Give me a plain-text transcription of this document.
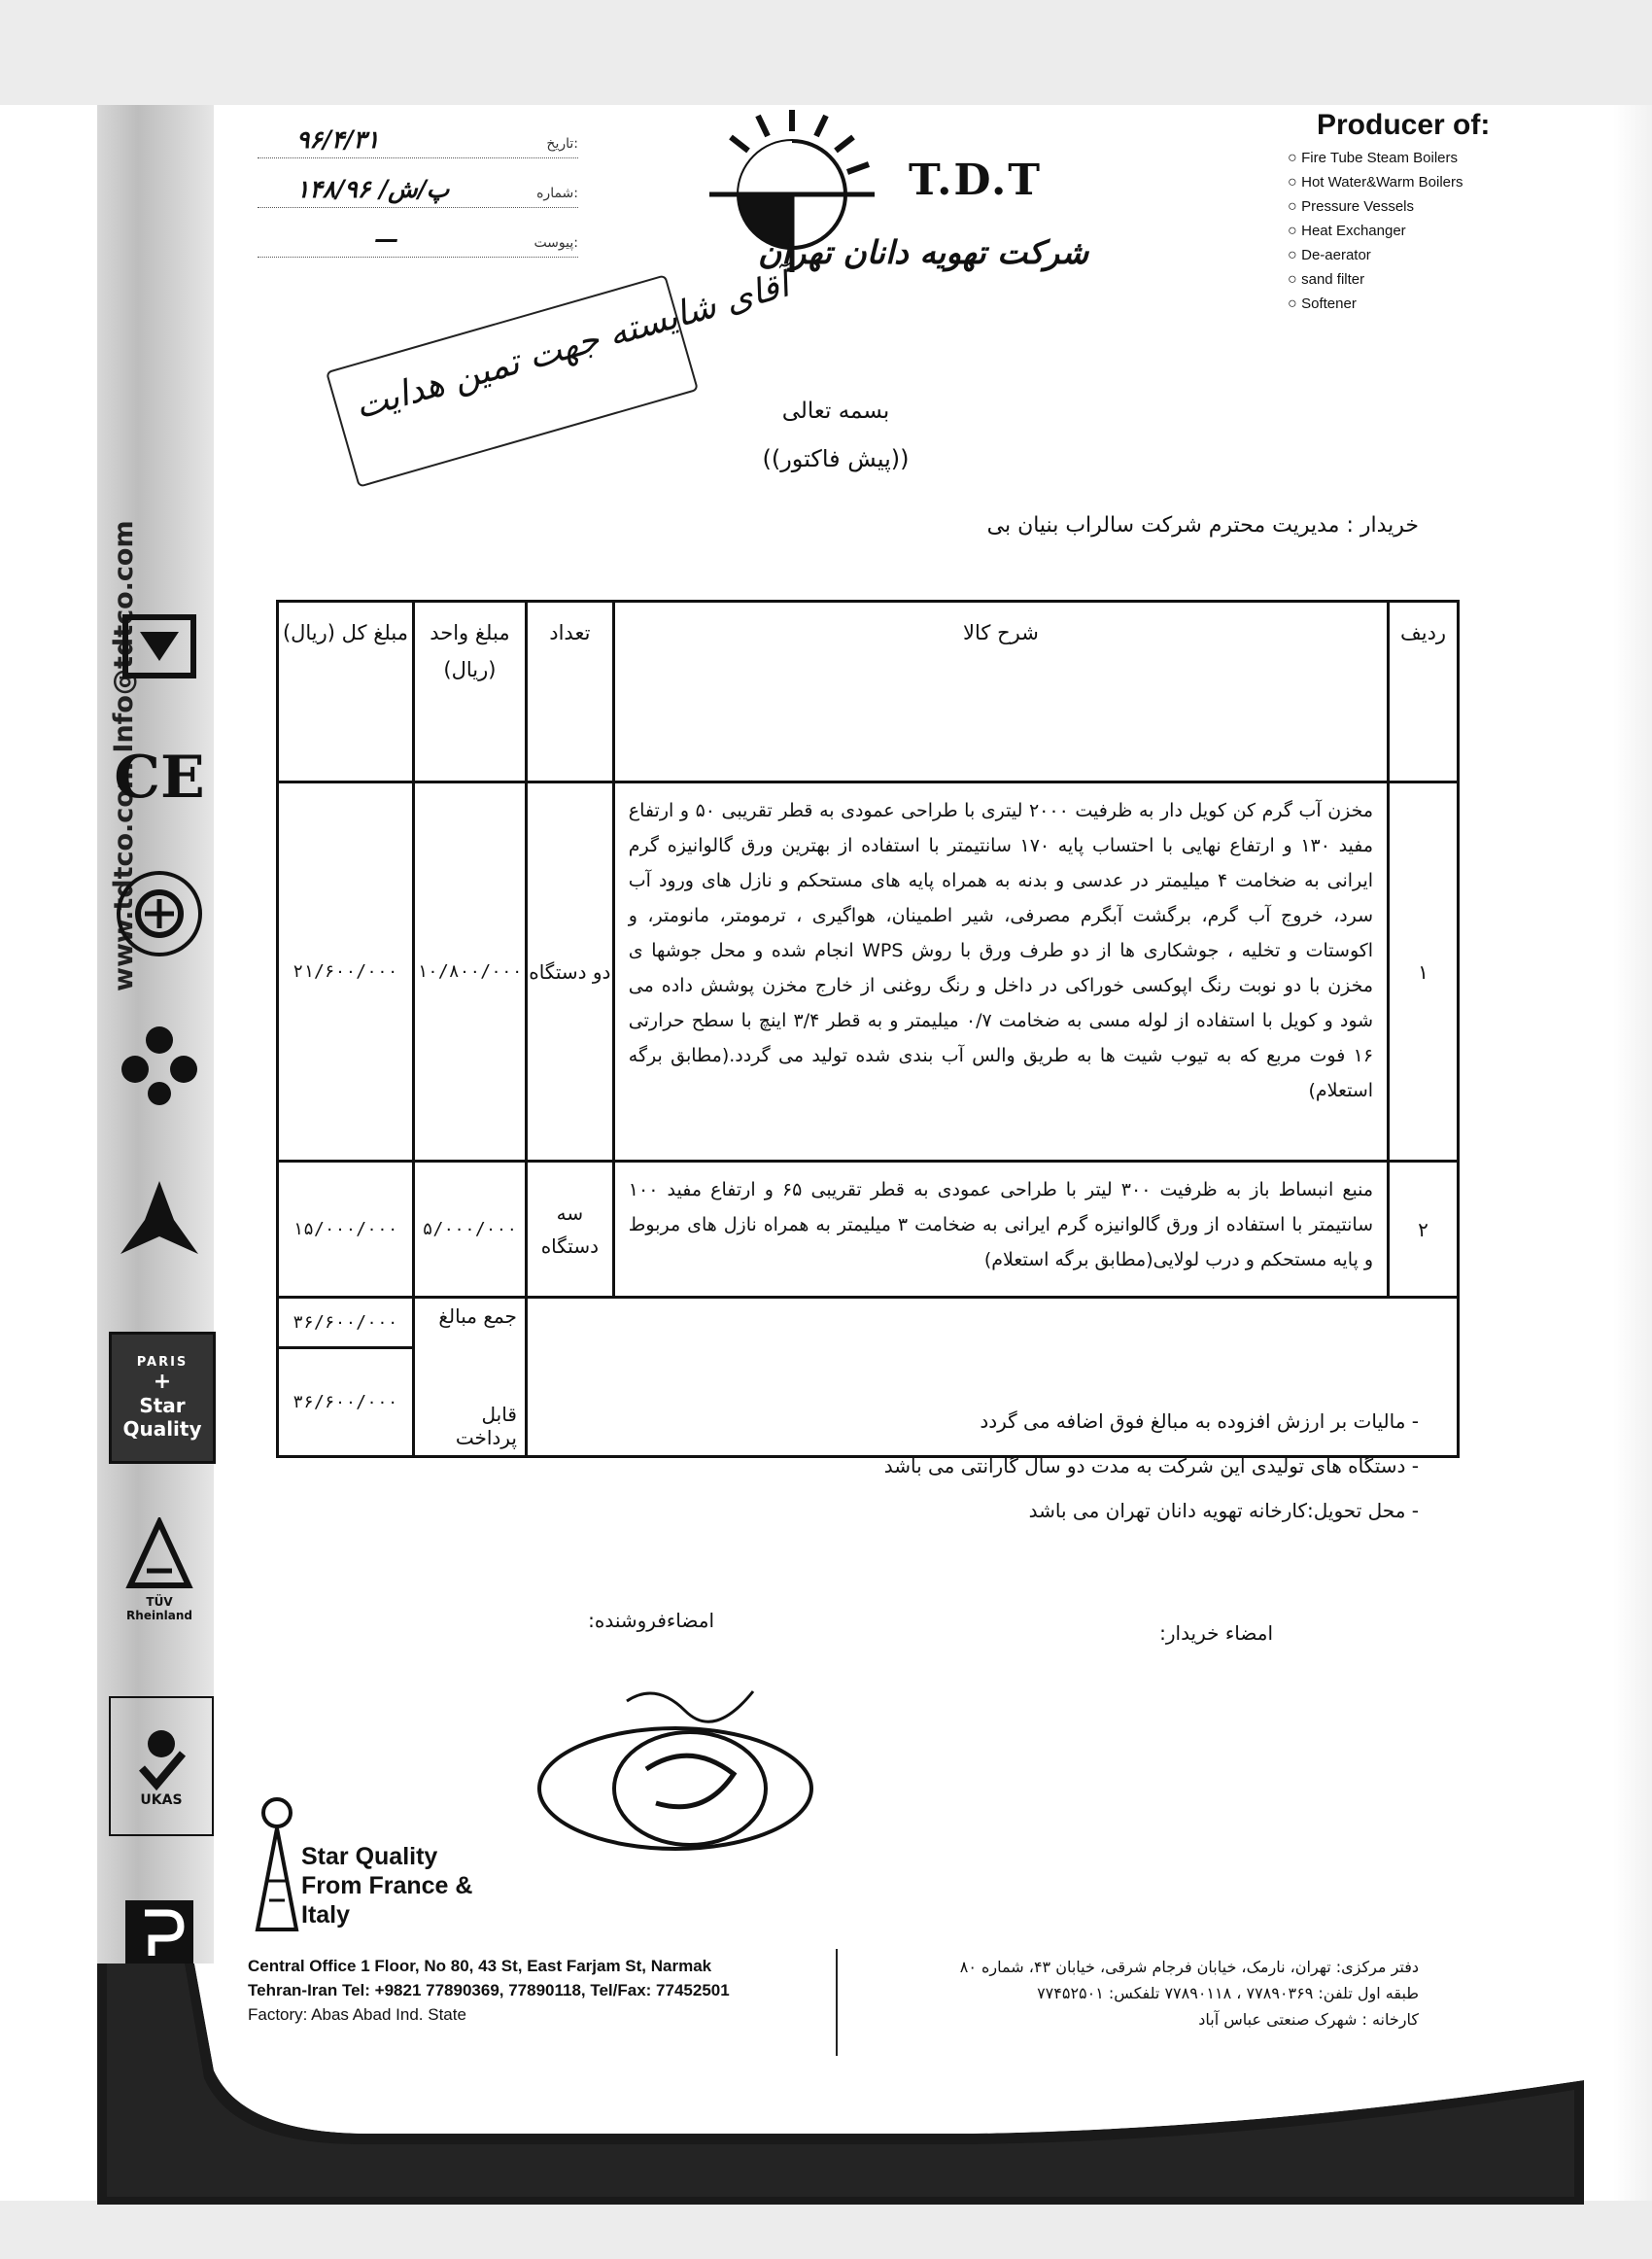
www.tdtco.com Info@tdtco.com
CE
PARIS
+
Star
Quality
TÜV
Rheinland
UKAS
۹۶/۴/۳۱	تاریخ:
۱۴۸/پ/ش/ ۹۶	شماره:
—	پیوست:
T.D.T
شرکت تهویه دانان تهران
Producer of:
○ Fire Tube Steam Boilers
○ Hot Water&Warm Boilers
○ Pressure Vessels
○ Heat Exchanger
○ De-aerator
○ sand filter
○ Softener
آقای شایسته جهت تمین هدایت
بسمه تعالی
((پیش فاکتور))
خریدار : مدیریت محترم شرکت سالراب بنیان بی
ردیف	شرح کالا	تعداد	مبلغ واحد (ریال)	مبلغ کل (ریال)
۱	مخزن آب گرم کن کویل دار به ظرفیت ۲۰۰۰ لیتری با طراحی عمودی به قطر تقریبی ۵۰ و ارتفاع مفید ۱۳۰ و ارتفاع نهایی با احتساب پایه ۱۷۰ سانتیمتر با استفاده از بهترین ورق گالوانیزه گرم ایرانی به ضخامت ۴ میلیمتر در عدسی و بدنه به همراه پایه های مستحکم و نازل های ورود آب سرد، خروج آب گرم، برگشت آبگرم مصرفی، شیر اطمینان، هواگیری ، ترمومتر، مانومتر، و اکوستات و تخلیه ، جوشکاری ها از دو طرف ورق با روش WPS انجام شده و محل جوشها ی مخزن با دو نوبت رنگ اپوکسی خوراکی در داخل و رنگ روغنی از خارج مخزن پوشش داده می شود و کویل با استفاده از لوله مسی به ضخامت ۰/۷ میلیمتر و به قطر ۳/۴ اینچ با سطح حرارتی ۱۶ فوت مربع که به تیوب شیت ها به طریق والس آب بندی شده تولید می گردد.(مطابق برگه استعلام)	دو دستگاه	۱۰/۸۰۰/۰۰۰	۲۱/۶۰۰/۰۰۰
۲	منبع انبساط باز به ظرفیت ۳۰۰ لیتر با طراحی عمودی به قطر تقریبی ۶۵ و ارتفاع مفید ۱۰۰ سانتیمتر با استفاده از ورق گالوانیزه گرم ایرانی به ضخامت ۳ میلیمتر به همراه نازل های مربوط و پایه مستحکم و درب لولایی(مطابق برگه استعلام)	سه دستگاه	۵/۰۰۰/۰۰۰	۱۵/۰۰۰/۰۰۰
			جمع مبالغ	۳۶/۶۰۰/۰۰۰
			قابل پرداخت	۳۶/۶۰۰/۰۰۰
- مالیات بر ارزش افزوده به مبالغ فوق اضافه می گردد
- دستگاه های تولیدی این شرکت به مدت دو سال گارانتی می باشد
- محل تحویل:کارخانه تهویه دانان تهران می باشد
امضاء خریدار:
امضاءفروشنده:
Star Quality From France & Italy
Central Office 1 Floor, No 80, 43 St, East Farjam St, Narmak
Tehran-Iran Tel: +9821 77890369, 77890118, Tel/Fax: 77452501
Factory: Abas Abad Ind. State
دفتر مرکزی: تهران، نارمک، خیابان فرجام شرقی، خیابان ۴۳، شماره ۸۰
طبقه اول تلفن: ۷۷۸۹۰۳۶۹ ، ۷۷۸۹۰۱۱۸ تلفکس: ۷۷۴۵۲۵۰۱
کارخانه : شهرک صنعتی عباس آباد
